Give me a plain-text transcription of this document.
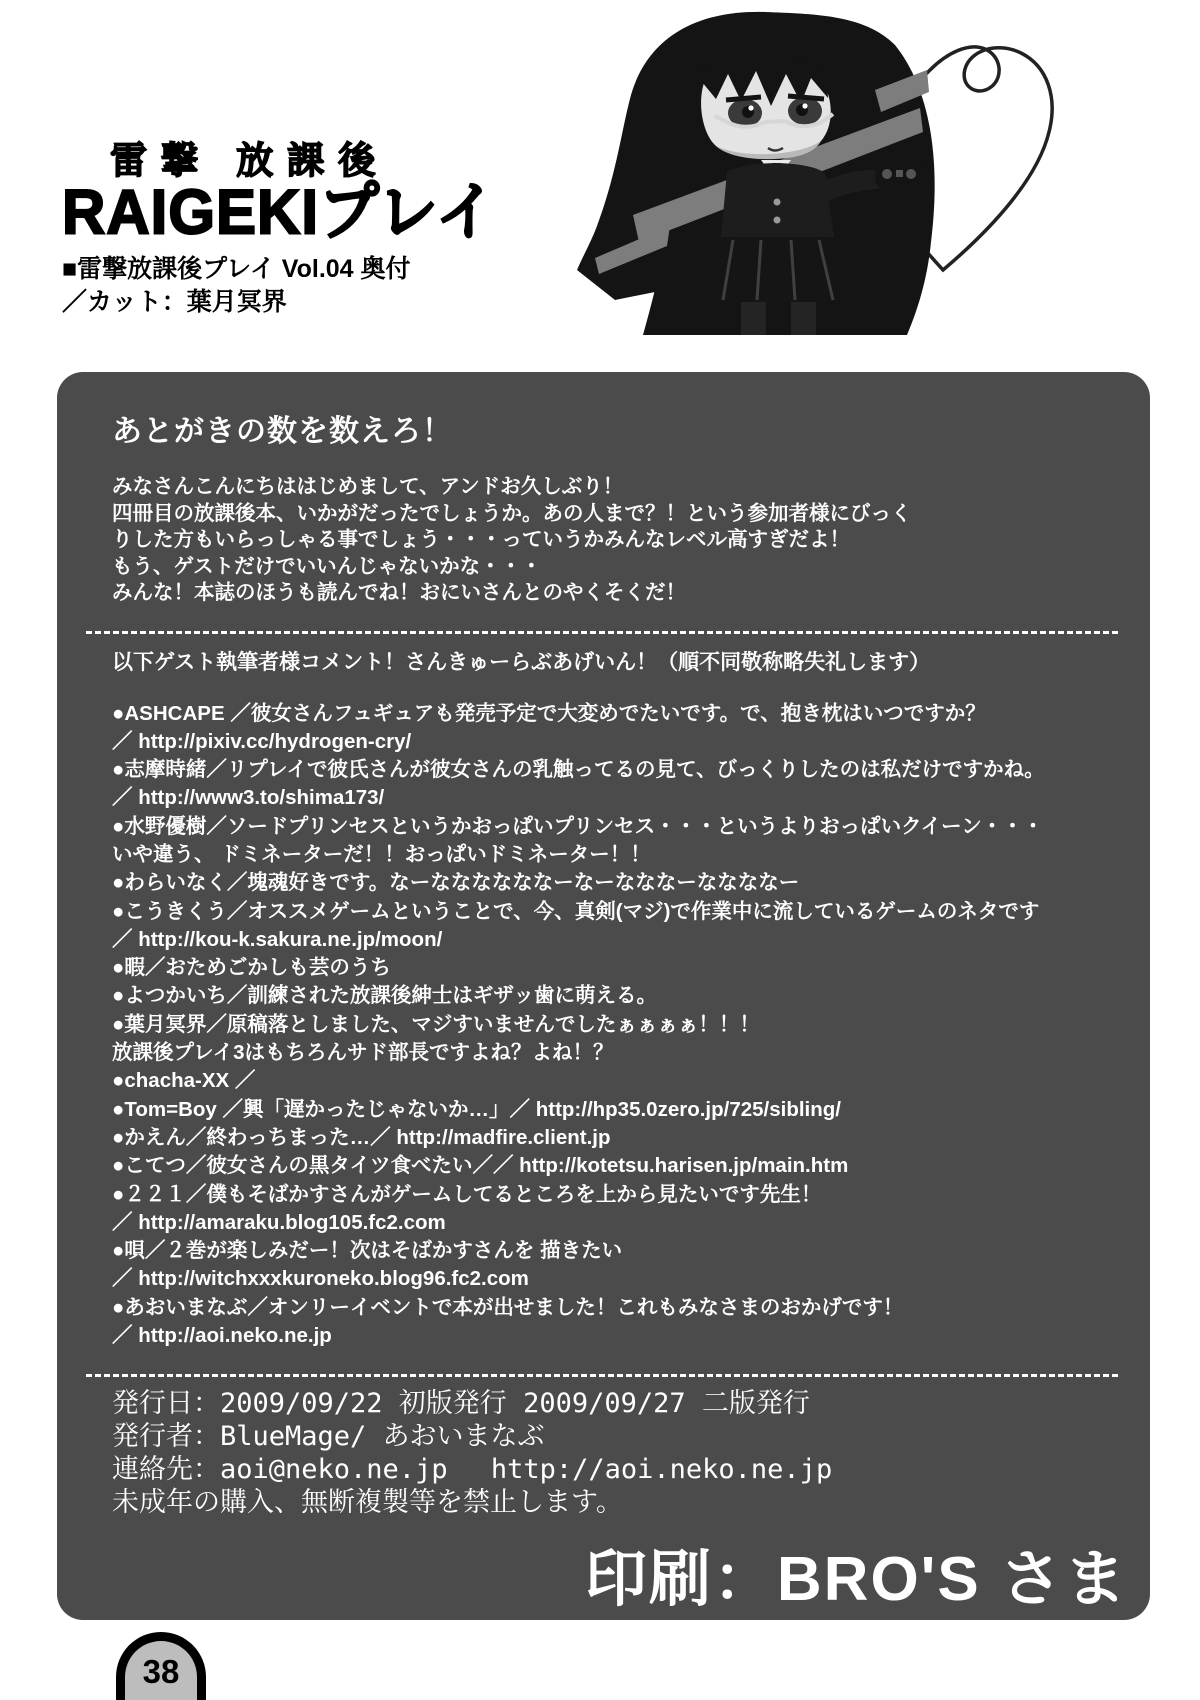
雷撃 放課後
RAIGEKIプレイ
■雷撃放課後プレイ Vol.04 奥付
／カット：葉月冥界
あとがきの数を数えろ！
みなさんこんにちははじめまして、アンドお久しぶり！
四冊目の放課後本、いかがだったでしょうか。あの人まで？！という参加者様にびっく
りした方もいらっしゃる事でしょう・・・っていうかみんなレベル高すぎだよ！
もう、ゲストだけでいいんじゃないかな・・・
みんな！本誌のほうも読んでね！おにいさんとのやくそくだ！
以下ゲスト執筆者様コメント！さんきゅーらぶあげいん！（順不同敬称略失礼します）
●ASHCAPE ／彼女さんフュギュアも発売予定で大変めでたいです。で、抱き枕はいつですか？
／ http://pixiv.cc/hydrogen-cry/
●志摩時緒／リプレイで彼氏さんが彼女さんの乳触ってるの見て、びっくりしたのは私だけですかね。
／ http://www3.to/shima173/
●水野優樹／ソードプリンセスというかおっぱいプリンセス・・・というよりおっぱいクイーン・・・
いや違う、 ドミネーターだ！！おっぱいドミネーター！！
●わらいなく／塊魂好きです。なーななななななーなーなななーななななー
●こうきくう／オススメゲームということで、今、真剣(マジ)で作業中に流しているゲームのネタです
／ http://kou-k.sakura.ne.jp/moon/
●暇／おためごかしも芸のうち
●よつかいち／訓練された放課後紳士はギザッ歯に萌える。
●葉月冥界／原稿落としました、マジすいませんでしたぁぁぁぁ！！！
放課後プレイ3はもちろんサド部長ですよね？よね！？
●chacha-XX ／
●Tom=Boy ／興「遅かったじゃないか…」／ http://hp35.0zero.jp/725/sibling/
●かえん／終わっちまった…／ http://madfire.client.jp
●こてつ／彼女さんの黒タイツ食べたい／／ http://kotetsu.harisen.jp/main.htm
●２２１／僕もそばかすさんがゲームしてるところを上から見たいです先生！
／ http://amaraku.blog105.fc2.com
●唄／２巻が楽しみだー！次はそばかすさんを 描きたい
／ http://witchxxxkuroneko.blog96.fc2.com
●あおいまなぶ／オンリーイベントで本が出せました！これもみなさまのおかげです！
／ http://aoi.neko.ne.jp
発行日：2009/09/22 初版発行 2009/09/27 二版発行
発行者：BlueMage/ あおいまなぶ
連絡先：aoi@neko.ne.jp　 http://aoi.neko.ne.jp
未成年の購入、無断複製等を禁止します。
印刷：BRO'S さま
38
